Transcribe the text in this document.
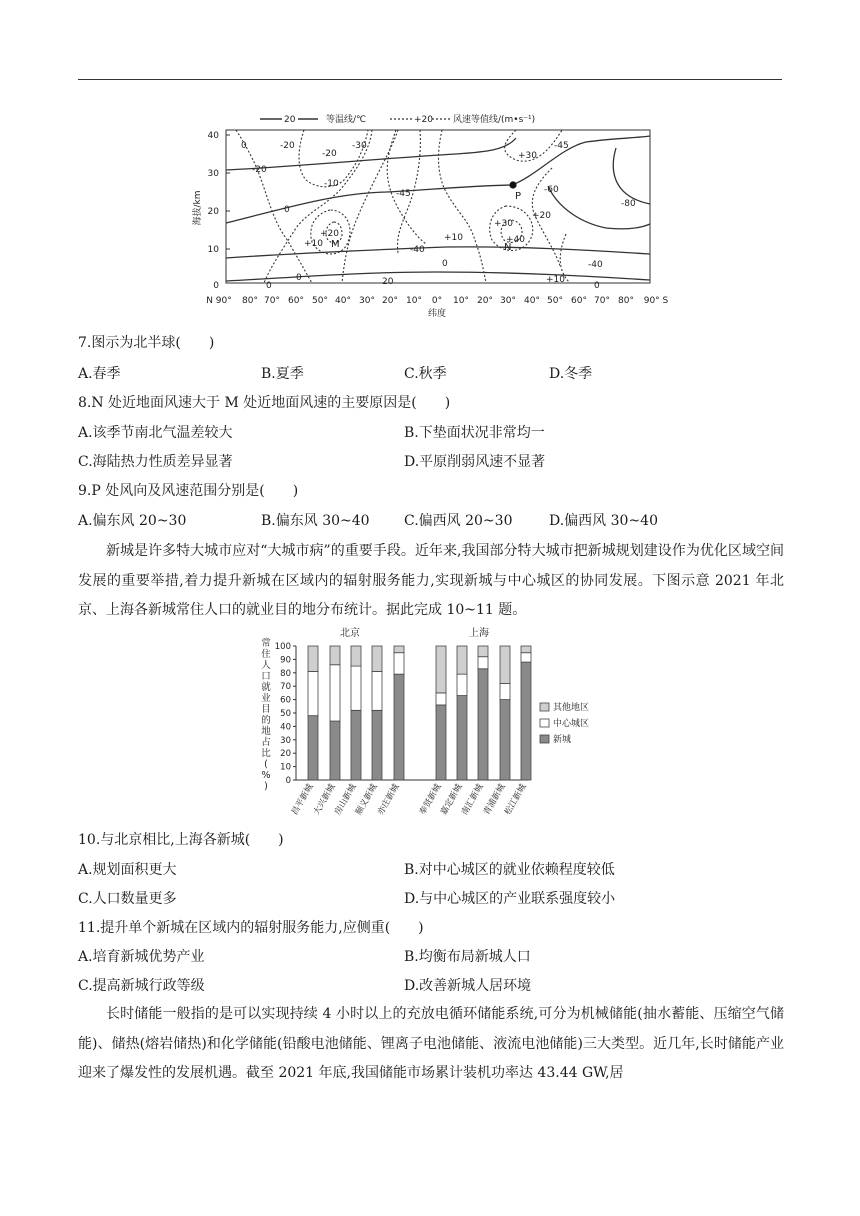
20	等温线/℃	+20 风速等值线/(m•s⁻¹)
40
30
20
10
0
海拔/km
N 90° 80° 70° 60° 50° 40° 30° 20° 10° 0° 10° 20° 30° 40° 50° 60° 70° 80° 90° S
纬度
-20
0
-20
-20
-30
-10
0
-45
+20
+10 M	-40
+30
-45
-60
-80
P
+20
+30
+40
N
+10
0	-40
+10
0	20
0	0
7.图示为北半球(　　)
A.春季	B.夏季	C.秋季	D.冬季
8.N 处近地面风速大于 M 处近地面风速的主要原因是(　　)
A.该季节南北气温差较大	B.下垫面状况非常均一
C.海陆热力性质差异显著	D.平原削弱风速不显著
9.P 处风向及风速范围分别是(　　)
A.偏东风 20~30	B.偏东风 30~40 C.偏西风 20~30	D.偏西风 30~40
新城是许多特大城市应对“大城市病”的重要手段。近年来,我国部分特大城市把新城规划建设作为优化区域空间发展的重要举措,着力提升新城在区域内的辐射服务能力,实现新城与中心城区的协同发展。下图示意 2021 年北京、上海各新城常住人口的就业目的地分布统计。据此完成 10~11 题。
北京	上海
常住人口就业目的地占比( % )	0
10
20
30
40
50
60
70
80
90
100
昌平新城
大兴新城
房山新城
顺义新城
亦庄新城 奉贤新城
嘉定新城
南汇新城
青浦新城
松江新城
其他地区
中心城区
新城
10.与北京相比,上海各新城(　　)
A.规划面积更大	B.对中心城区的就业依赖程度较低
C.人口数量更多	D.与中心城区的产业联系强度较小
11.提升单个新城在区域内的辐射服务能力,应侧重(　　)
A.培育新城优势产业	B.均衡布局新城人口
C.提高新城行政等级	D.改善新城人居环境
长时储能一般指的是可以实现持续 4 小时以上的充放电循环储能系统,可分为机械储能(抽水蓄能、压缩空气储能)、储热(熔岩储热)和化学储能(铅酸电池储能、锂离子电池储能、液流电池储能)三大类型。近几年,长时储能产业迎来了爆发性的发展机遇。截至 2021 年底,我国储能市场累计装机功率达 43.44 GW,居
